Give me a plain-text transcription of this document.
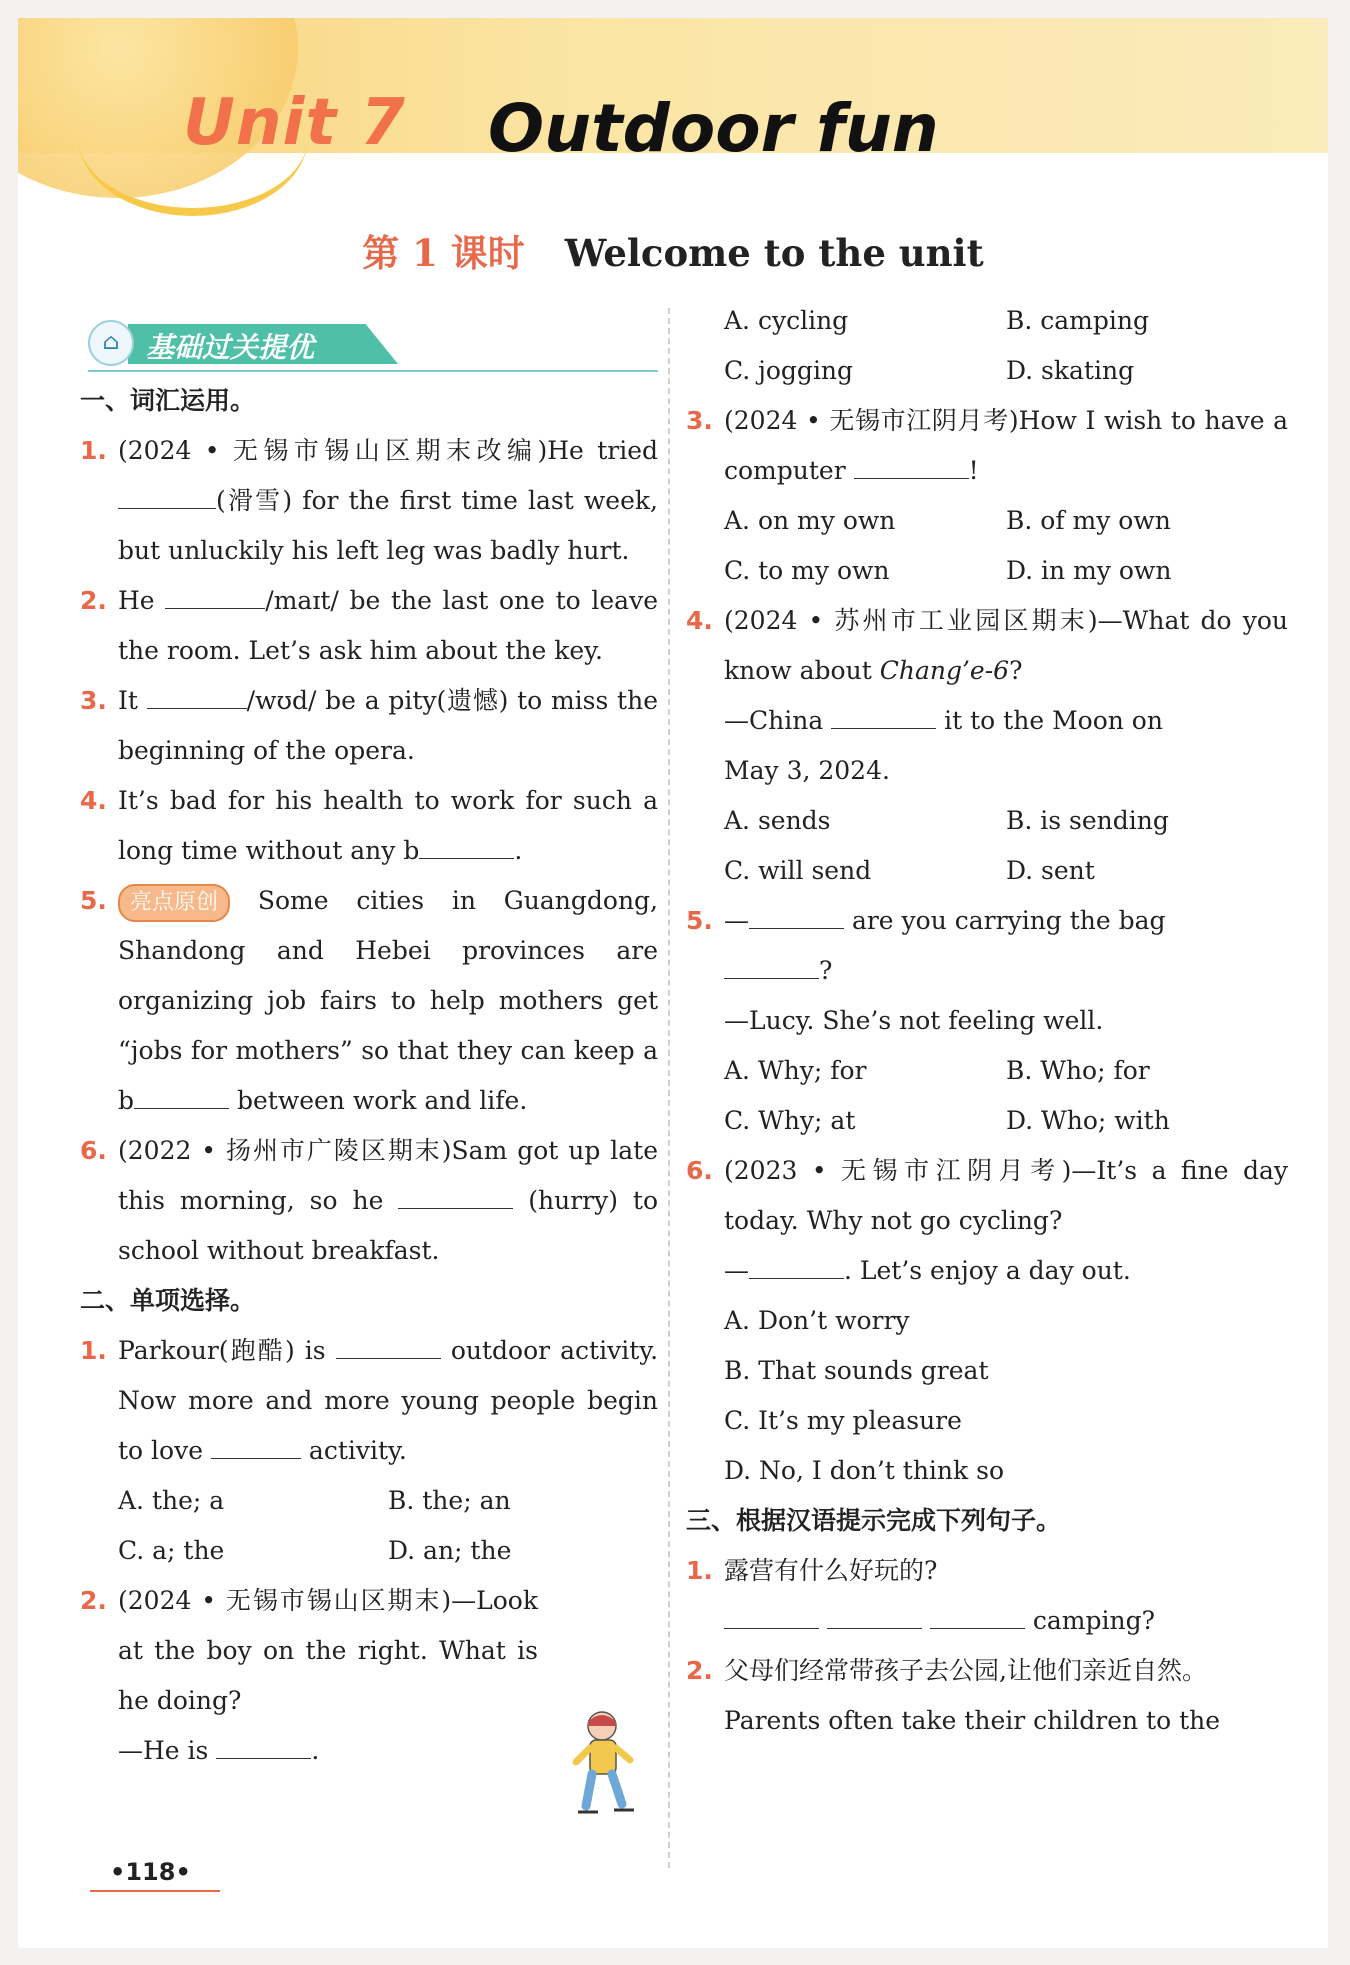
Unit 7 Outdoor fun
第 1 课时 Welcome to the unit
⌂ 基础过关提优
一、词汇运用。
1. (2024 • 无锡市锡山区期末改编)He tried (滑雪) for the first time last week, but unluckily his left leg was badly hurt.
2. He	/maɪt/ be the last one to leave the room. Let’s ask him about the key.
3. It	/wʊd/ be a pity(遗憾) to miss the beginning of the opera.
4. It’s bad for his health to work for such a long time without any b	.
5. 亮点原创 Some cities in Guangdong, Shandong and Hebei provinces are organizing job fairs to help mothers get “jobs for mothers” so that they can keep a b	between work and life.
6. (2022 • 扬州市广陵区期末)Sam got up late this morning, so he	(hurry) to school without breakfast.
二、单项选择。
1. Parkour(跑酷) is	outdoor activity. Now more and more young people begin to love	activity.
A. the; a	B. the; an
C. a; the	D. an; the
2. (2024 • 无锡市锡山区期末)—Look at the boy on the right. What is he doing?
—He is	.
A. cycling	B. camping
C. jogging	D. skating
3. (2024 • 无锡市江阴月考)How I wish to have a computer	!
A. on my own	B. of my own
C. to my own	D. in my own
4. (2024 • 苏州市工业园区期末)—What do you know about Chang’e-6?
—China	it to the Moon on
May 3, 2024.
A. sends	B. is sending
C. will send	D. sent
5. —	are you carrying the bag
?
—Lucy. She’s not feeling well.
A. Why; for	B. Who; for
C. Why; at	D. Who; with
6. (2023 • 无锡市江阴月考)—It’s a fine day today. Why not go cycling?
—	. Let’s enjoy a day out.
A. Don’t worry
B. That sounds great
C. It’s my pleasure
D. No, I don’t think so
三、根据汉语提示完成下列句子。
1. 露营有什么好玩的?
camping?
2. 父母们经常带孩子去公园,让他们亲近自然。
Parents often take their children to the
•118•
